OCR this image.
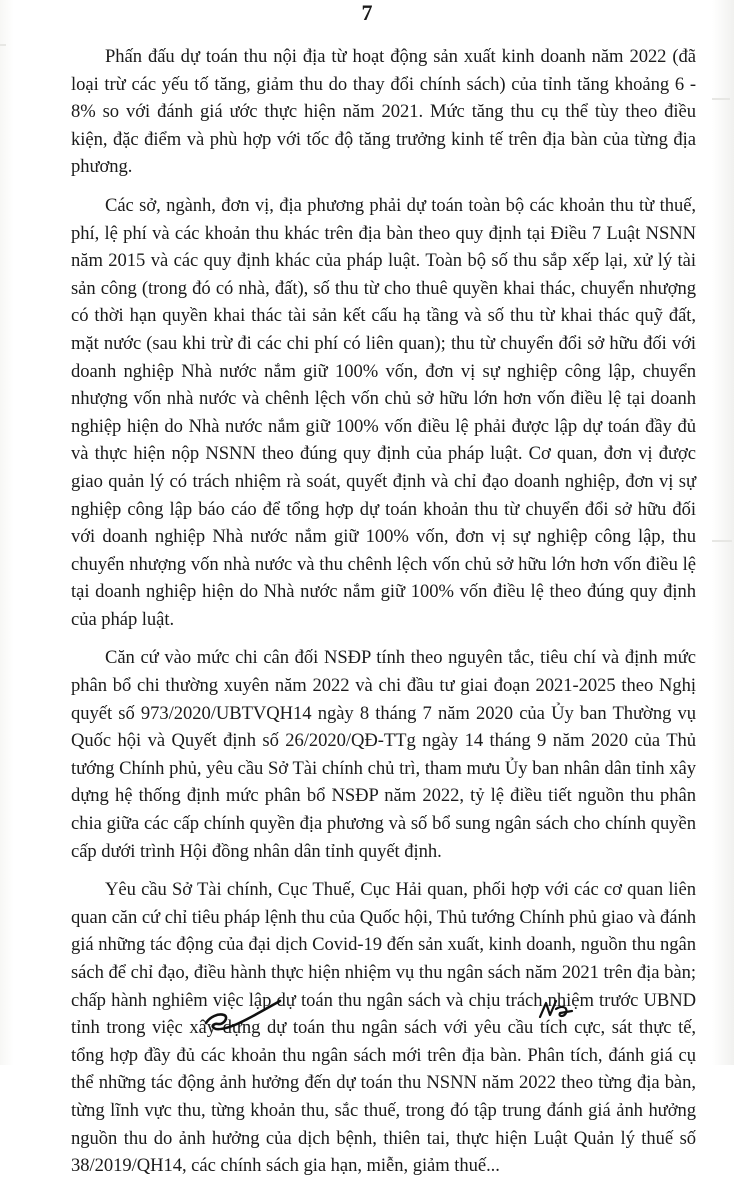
7

Phấn đấu dự toán thu nội địa từ hoạt động sản xuất kinh doanh năm 2022 (đã loại trừ các yếu tố tăng, giảm thu do thay đổi chính sách) của tỉnh tăng khoảng 6 - 8% so với đánh giá ước thực hiện năm 2021. Mức tăng thu cụ thể tùy theo điều kiện, đặc điểm và phù hợp với tốc độ tăng trưởng kinh tế trên địa bàn của từng địa phương.

Các sở, ngành, đơn vị, địa phương phải dự toán toàn bộ các khoản thu từ thuế, phí, lệ phí và các khoản thu khác trên địa bàn theo quy định tại Điều 7 Luật NSNN năm 2015 và các quy định khác của pháp luật. Toàn bộ số thu sắp xếp lại, xử lý tài sản công (trong đó có nhà, đất), số thu từ cho thuê quyền khai thác, chuyển nhượng có thời hạn quyền khai thác tài sản kết cấu hạ tầng và số thu từ khai thác quỹ đất, mặt nước (sau khi trừ đi các chi phí có liên quan); thu từ chuyển đổi sở hữu đối với doanh nghiệp Nhà nước nắm giữ 100% vốn, đơn vị sự nghiệp công lập, chuyển nhượng vốn nhà nước và chênh lệch vốn chủ sở hữu lớn hơn vốn điều lệ tại doanh nghiệp hiện do Nhà nước nắm giữ 100% vốn điều lệ phải được lập dự toán đầy đủ và thực hiện nộp NSNN theo đúng quy định của pháp luật. Cơ quan, đơn vị được giao quản lý có trách nhiệm rà soát, quyết định và chỉ đạo doanh nghiệp, đơn vị sự nghiệp công lập báo cáo để tổng hợp dự toán khoản thu từ chuyển đổi sở hữu đối với doanh nghiệp Nhà nước nắm giữ 100% vốn, đơn vị sự nghiệp công lập, thu chuyển nhượng vốn nhà nước và thu chênh lệch vốn chủ sở hữu lớn hơn vốn điều lệ tại doanh nghiệp hiện do Nhà nước nắm giữ 100% vốn điều lệ theo đúng quy định của pháp luật.

Căn cứ vào mức chi cân đối NSĐP tính theo nguyên tắc, tiêu chí và định mức phân bổ chi thường xuyên năm 2022 và chi đầu tư giai đoạn 2021-2025 theo Nghị quyết số 973/2020/UBTVQH14 ngày 8 tháng 7 năm 2020 của Ủy ban Thường vụ Quốc hội và Quyết định số 26/2020/QĐ-TTg ngày 14 tháng 9 năm 2020 của Thủ tướng Chính phủ, yêu cầu Sở Tài chính chủ trì, tham mưu Ủy ban nhân dân tỉnh xây dựng hệ thống định mức phân bổ NSĐP năm 2022, tỷ lệ điều tiết nguồn thu phân chia giữa các cấp chính quyền địa phương và số bổ sung ngân sách cho chính quyền cấp dưới trình Hội đồng nhân dân tỉnh quyết định.

Yêu cầu Sở Tài chính, Cục Thuế, Cục Hải quan, phối hợp với các cơ quan liên quan căn cứ chỉ tiêu pháp lệnh thu của Quốc hội, Thủ tướng Chính phủ giao và đánh giá những tác động của đại dịch Covid-19 đến sản xuất, kinh doanh, nguồn thu ngân sách để chỉ đạo, điều hành thực hiện nhiệm vụ thu ngân sách năm 2021 trên địa bàn; chấp hành nghiêm việc lập dự toán thu ngân sách và chịu trách nhiệm trước UBND tỉnh trong việc xây dựng dự toán thu ngân sách với yêu cầu tích cực, sát thực tế, tổng hợp đầy đủ các khoản thu ngân sách mới trên địa bàn. Phân tích, đánh giá cụ thể những tác động ảnh hưởng đến dự toán thu NSNN năm 2022 theo từng địa bàn, từng lĩnh vực thu, từng khoản thu, sắc thuế, trong đó tập trung đánh giá ảnh hưởng nguồn thu do ảnh hưởng của dịch bệnh, thiên tai, thực hiện Luật Quản lý thuế số 38/2019/QH14, các chính sách gia hạn, miễn, giảm thuế...
